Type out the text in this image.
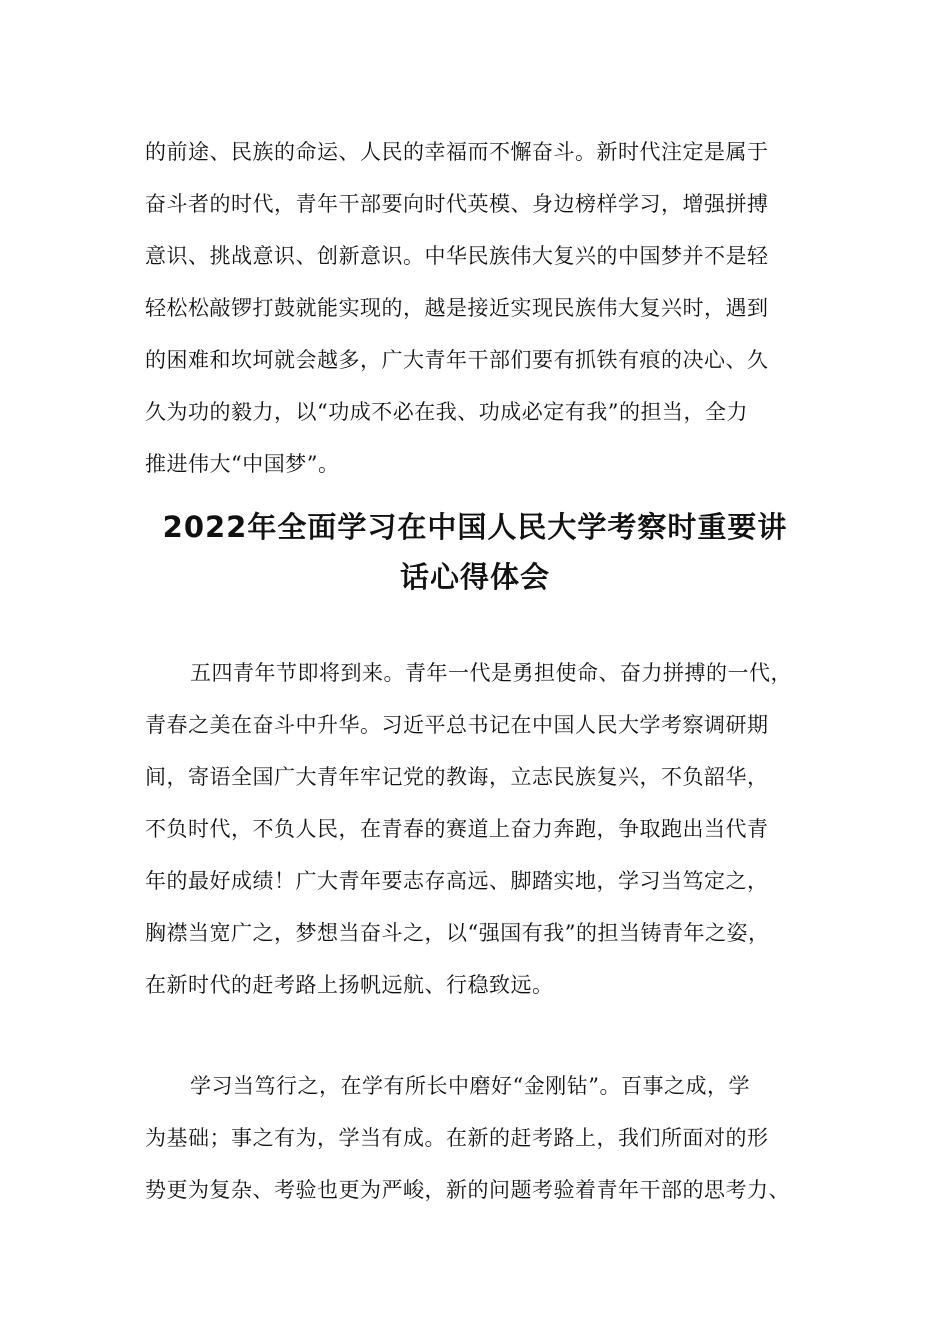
的前途、民族的命运、人民的幸福而不懈奋斗。新时代注定是属于
奋斗者的时代，青年干部要向时代英模、身边榜样学习，增强拼搏
意识、挑战意识、创新意识。中华民族伟大复兴的中国梦并不是轻
轻松松敲锣打鼓就能实现的，越是接近实现民族伟大复兴时，遇到
的困难和坎坷就会越多，广大青年干部们要有抓铁有痕的决心、久
久为功的毅力，以“功成不必在我、功成必定有我”的担当，全力
推进伟大“中国梦”。
2022年全面学习在中国人民大学考察时重要讲
话心得体会
五四青年节即将到来。青年一代是勇担使命、奋力拼搏的一代，
青春之美在奋斗中升华。习近平总书记在中国人民大学考察调研期
间，寄语全国广大青年牢记党的教诲，立志民族复兴，不负韶华，
不负时代，不负人民，在青春的赛道上奋力奔跑，争取跑出当代青
年的最好成绩！广大青年要志存高远、脚踏实地，学习当笃定之，
胸襟当宽广之，梦想当奋斗之，以“强国有我”的担当铸青年之姿，
在新时代的赶考路上扬帆远航、行稳致远。
学习当笃行之，在学有所长中磨好“金刚钻”。百事之成，学
为基础；事之有为，学当有成。在新的赶考路上，我们所面对的形
势更为复杂、考验也更为严峻，新的问题考验着青年干部的思考力、
